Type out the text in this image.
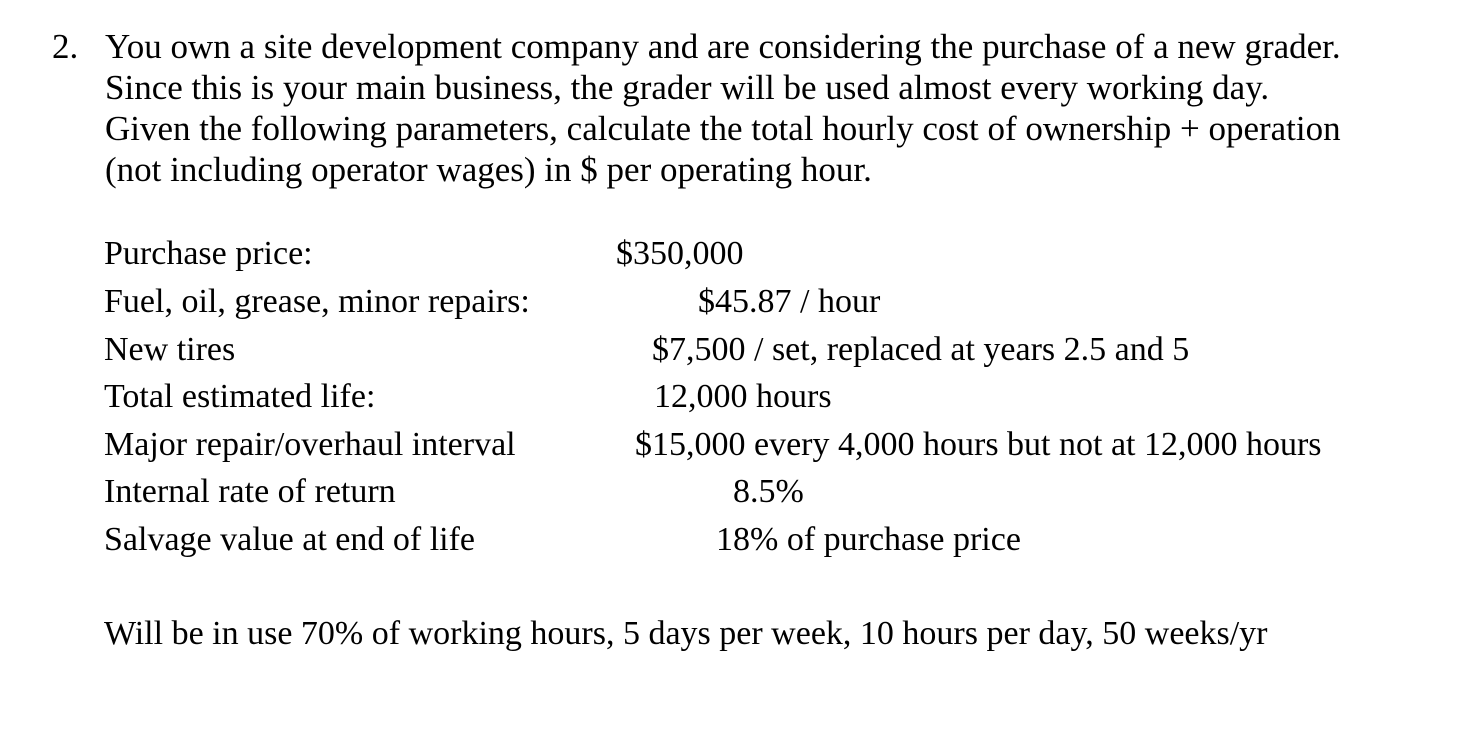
2. You own a site development company and are considering the purchase of a new grader.
Since this is your main business, the grader will be used almost every working day.
Given the following parameters, calculate the total hourly cost of ownership + operation
(not including operator wages) in $ per operating hour.
Purchase price:	$350,000
Fuel, oil, grease, minor repairs:	$45.87 / hour
New tires	$7,500 / set, replaced at years 2.5 and 5
Total estimated life:	12,000 hours
Major repair/overhaul interval	$15,000 every 4,000 hours but not at 12,000 hours
Internal rate of return	8.5%
Salvage value at end of life	18% of purchase price
Will be in use 70% of working hours, 5 days per week, 10 hours per day, 50 weeks/yr
